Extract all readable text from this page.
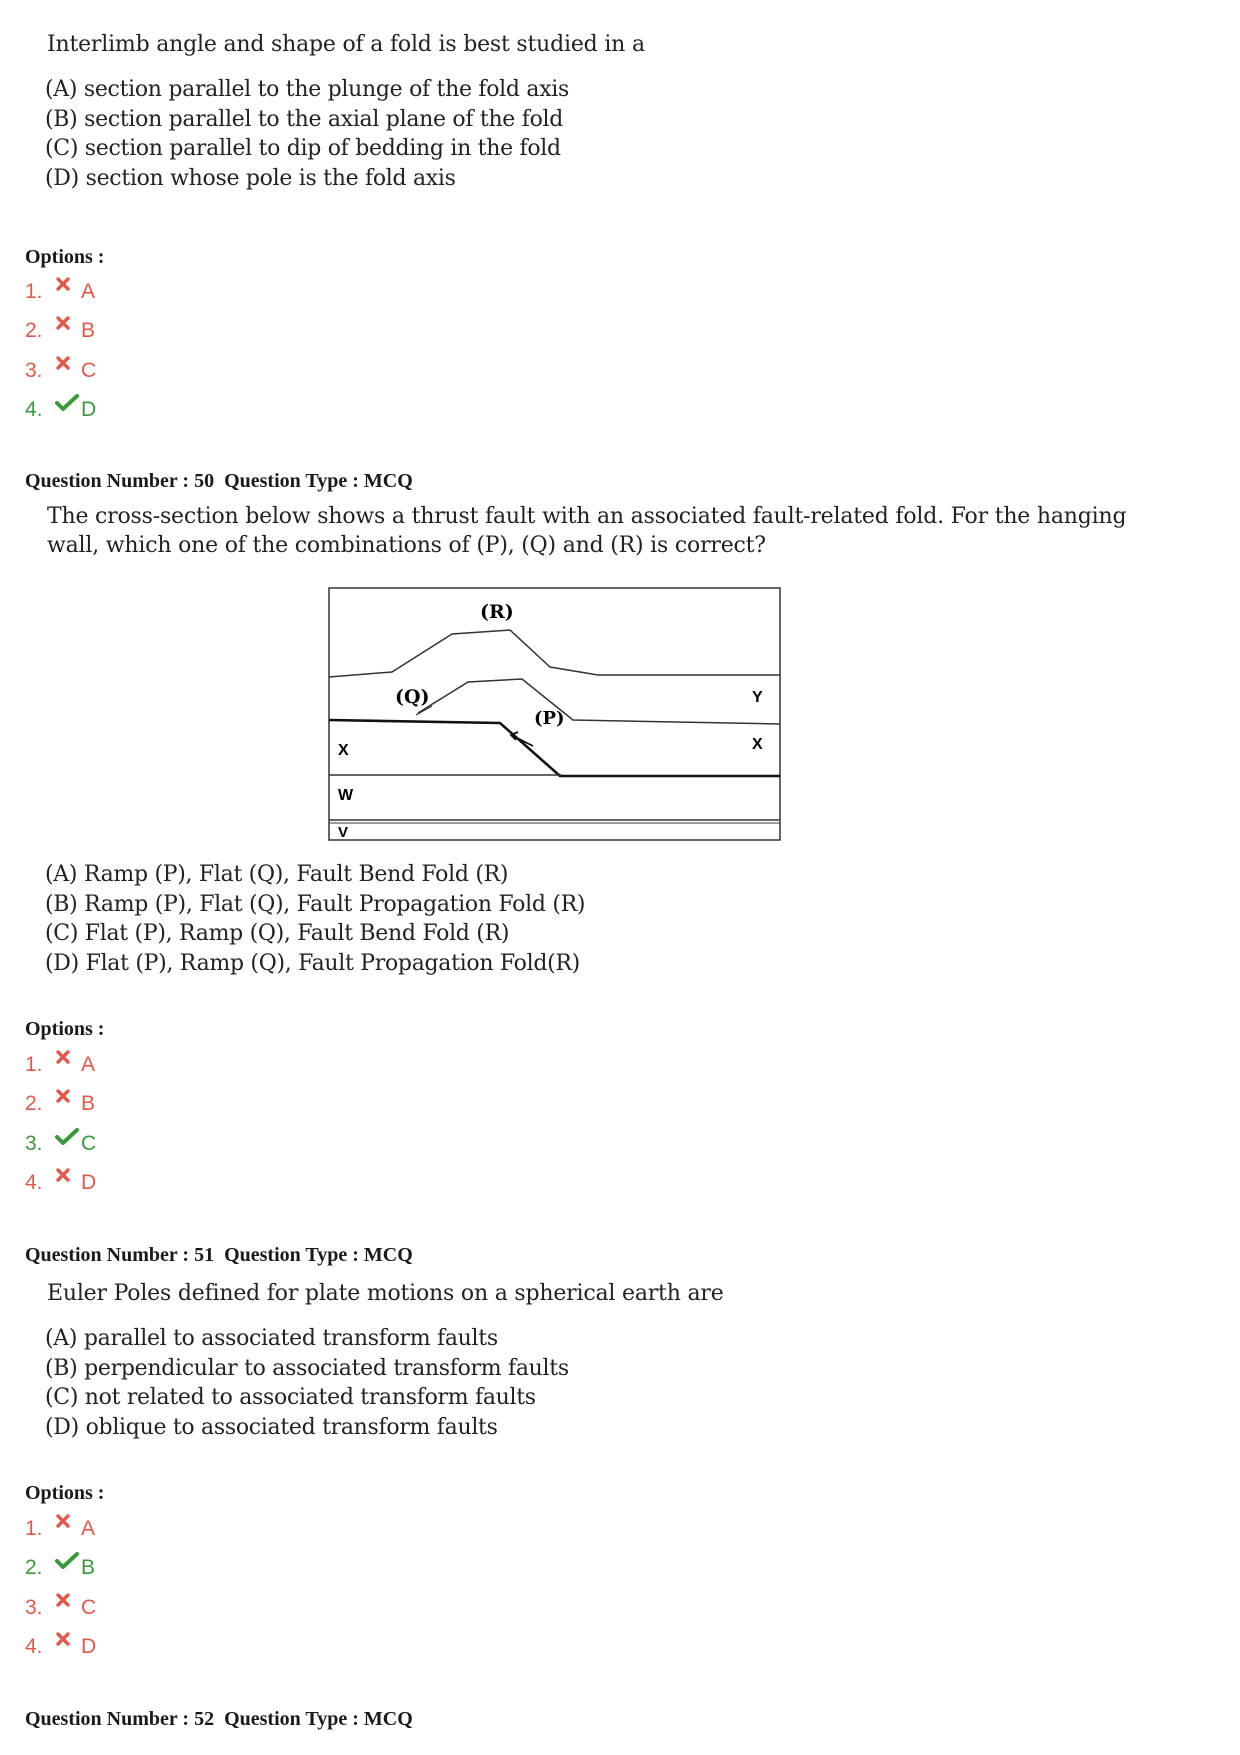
Interlimb angle and shape of a fold is best studied in a

(A) section parallel to the plunge of the fold axis
(B) section parallel to the axial plane of the fold
(C) section parallel to dip of bedding in the fold
(D) section whose pole is the fold axis
Options :
1.	A
2.	B
3.	C
4.	D
Question Number : 50  Question Type : MCQ

The cross-section below shows a thrust fault with an associated fault-related fold. For the hanging

wall, which one of the combinations of (P), (Q) and (R) is correct?

(R)
(Q)
(P)
Y
X
X
W
V
(A) Ramp (P), Flat (Q), Fault Bend Fold (R)
(B) Ramp (P), Flat (Q), Fault Propagation Fold (R)
(C) Flat (P), Ramp (Q), Fault Bend Fold (R)
(D) Flat (P), Ramp (Q), Fault Propagation Fold(R)
Options :
1.	A
2.	B
3.	C
4.	D
Question Number : 51  Question Type : MCQ

Euler Poles defined for plate motions on a spherical earth are

(A) parallel to associated transform faults
(B) perpendicular to associated transform faults
(C) not related to associated transform faults
(D) oblique to associated transform faults
Options :
1.	A
2.	B
3.	C
4.	D
Question Number : 52  Question Type : MCQ
